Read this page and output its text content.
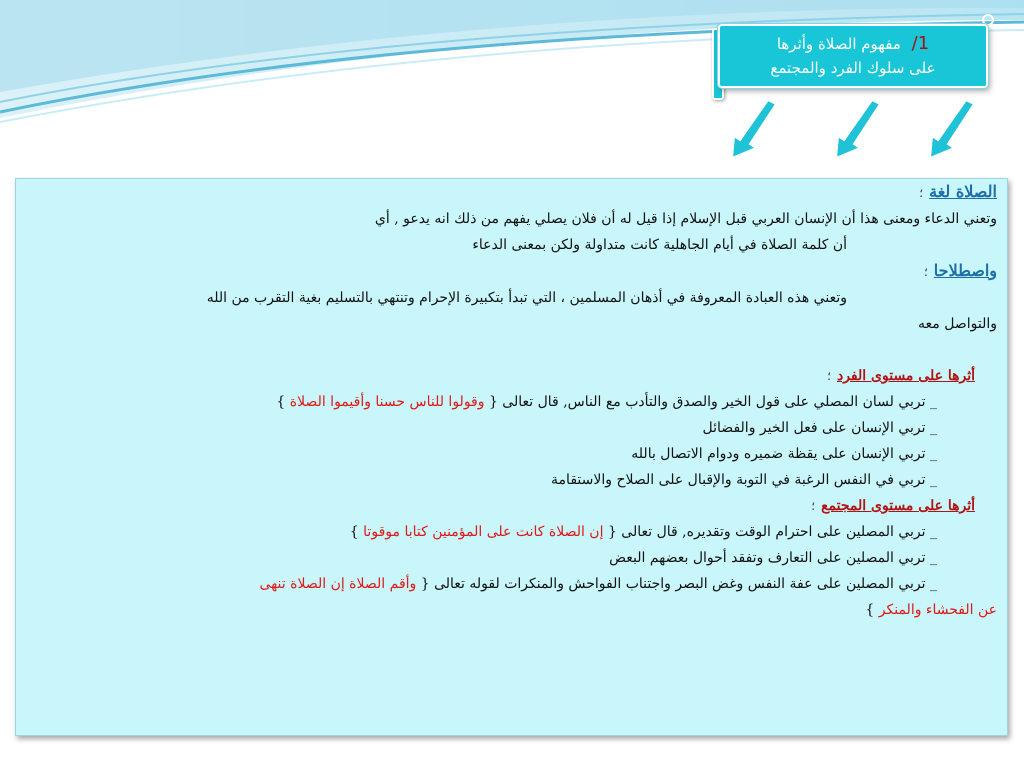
1/ مفهوم الصلاة وأثرها
على سلوك الفرد والمجتمع

الصلاة لغة؛

وتعني الدعاء ومعنى هذا أن الإنسان العربي قبل الإسلام إذا قيل له أن فلان يصلي يفهم من ذلك انه يدعو , أي

أن كلمة الصلاة في أيام الجاهلية كانت متداولة ولكن بمعنى الدعاء

واصطلاحا؛

وتعني هذه العبادة المعروفة في أذهان المسلمين ، التي تبدأ بتكبيرة الإحرام وتنتهي بالتسليم بغية التقرب من الله

والتواصل معه

أثرها على مستوى الفرد؛

_ تربي لسان المصلي على قول الخير والصدق والتأدب مع الناس, قال تعالى { وقولوا للناس حسنا وأقيموا الصلاة }

_ تربي الإنسان على فعل الخير والفضائل

_ تربي الإنسان على يقظة ضميره ودوام الاتصال بالله

_ تربي في النفس الرغبة في التوبة والإقبال على الصلاح والاستقامة

أثرها على مستوى المجتمع؛

_ تربي المصلين على احترام الوقت وتقديره, قال تعالى { إن الصلاة كانت على المؤمنين كتابا موقوتا }

_ تربي المصلين على التعارف وتفقد أحوال بعضهم البعض

_ تربي المصلين على عفة النفس وغض البصر واجتناب الفواحش والمنكرات لقوله تعالى { وأقم الصلاة إن الصلاة تنهى

عن الفحشاء والمنكر }
